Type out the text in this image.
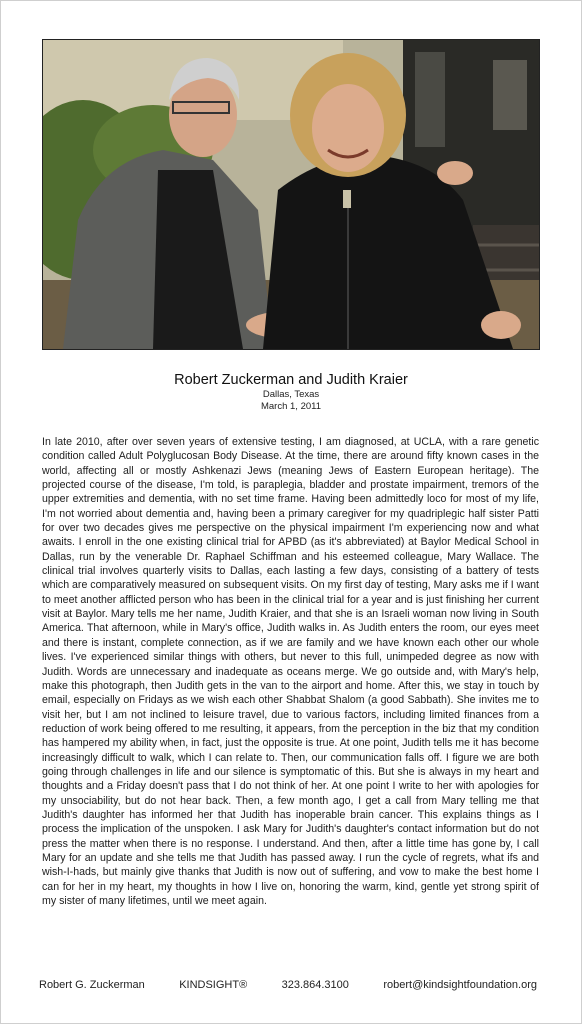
Robert Zuckerman and Judith Kraier

Dallas, Texas

March 1, 2011

In late 2010, after over seven years of extensive testing, I am diagnosed, at UCLA, with a rare genetic condition called Adult Polyglucosan Body Disease. At the time, there are around fifty known cases in the world, affecting all or mostly Ashkenazi Jews (meaning Jews of Eastern European heritage). The projected course of the disease, I'm told, is paraplegia, bladder and prostate impairment, tremors of the upper extremities and dementia, with no set time frame. Having been admittedly loco for most of my life, I'm not worried about dementia and, having been a primary caregiver for my quadriplegic half sister Patti for over two decades gives me perspective on the physical impairment I'm experiencing now and what awaits. I enroll in the one existing clinical trial for APBD (as it's abbreviated) at Baylor Medical School in Dallas, run by the venerable Dr. Raphael Schiffman and his esteemed colleague, Mary Wallace. The clinical trial involves quarterly visits to Dallas, each lasting a few days, consisting of a battery of tests which are comparatively measured on subsequent visits. On my first day of testing, Mary asks me if I want to meet another afflicted person who has been in the clinical trial for a year and is just finishing her current visit at Baylor. Mary tells me her name, Judith Kraier, and that she is an Israeli woman now living in South America. That afternoon, while in Mary's office, Judith walks in. As Judith enters the room, our eyes meet and there is instant, complete connection, as if we are family and we have known each other our whole lives. I've experienced similar things with others, but never to this full, unimpeded degree as now with Judith. Words are unnecessary and inadequate as oceans merge. We go outside and, with Mary's help, make this photograph, then Judith gets in the van to the airport and home. After this, we stay in touch by email, especially on Fridays as we wish each other Shabbat Shalom (a good Sabbath). She invites me to visit her, but I am not inclined to leisure travel, due to various factors, including limited finances from a reduction of work being offered to me resulting, it appears, from the perception in the biz that my condition has hampered my ability when, in fact, just the opposite is true. At one point, Judith tells me it has become increasingly difficult to walk, which I can relate to. Then, our communication falls off. I figure we are both going through challenges in life and our silence is symptomatic of this. But she is always in my heart and thoughts and a Friday doesn't pass that I do not think of her. At one point I write to her with apologies for my unsociability, but do not hear back. Then, a few month ago, I get a call from Mary telling me that Judith's daughter has informed her that Judith has inoperable brain cancer. This explains things as I process the implication of the unspoken. I ask Mary for Judith's daughter's contact information but do not press the matter when there is no response. I understand. And then, after a little time has gone by, I call Mary for an update and she tells me that Judith has passed away. I run the cycle of regrets, what ifs and wish-I-hads, but mainly give thanks that Judith is now out of suffering, and vow to make the best home I can for her in my heart, my thoughts in how I live on, honoring the warm, kind, gentle yet strong spirit of my sister of many lifetimes, until we meet again.

Robert G. Zuckerman	KINDSIGHT®	323.864.3100	robert@kindsightfoundation.org
